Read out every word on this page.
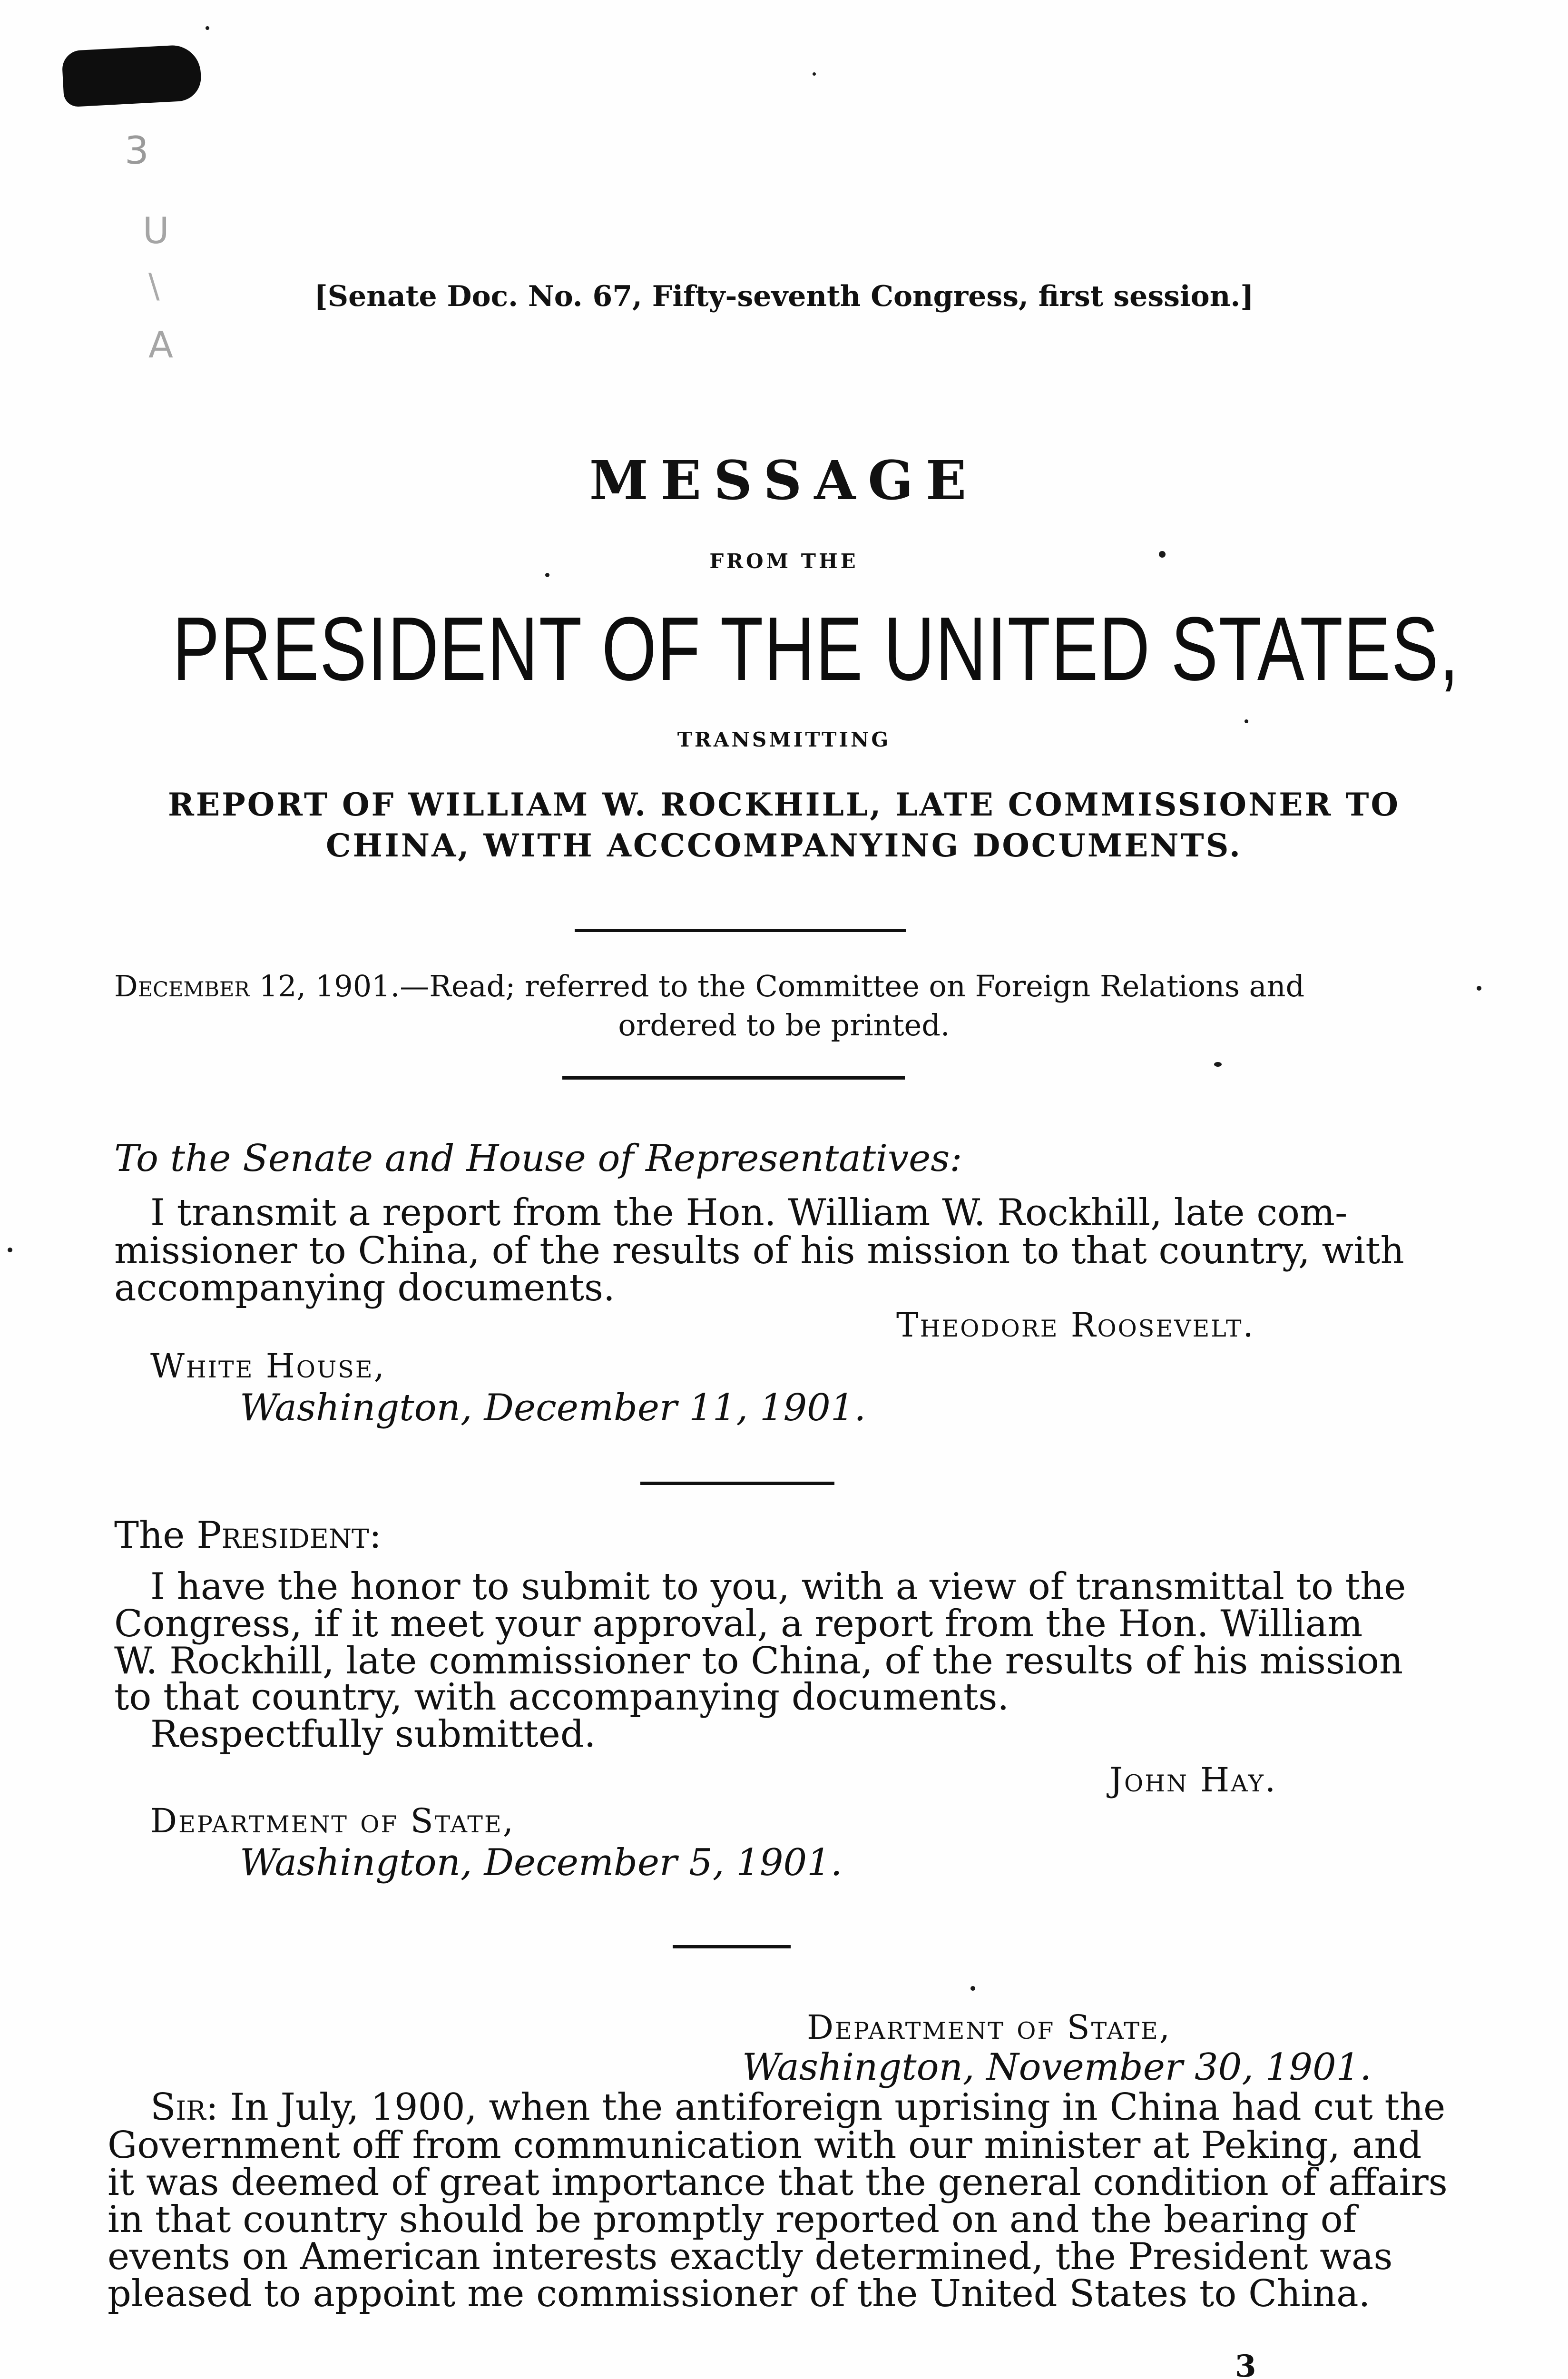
3
U
\
A
[Senate Doc. No. 67, Fifty-seventh Congress, first session.]
MESSAGE
FROM THE
PRESIDENT OF THE UNITED STATES,
TRANSMITTING
REPORT OF WILLIAM W. ROCKHILL, LATE COMMISSIONER TO
CHINA, WITH ACCCOMPANYING DOCUMENTS.
December 12, 1901.—Read; referred to the Committee on Foreign Relations and
ordered to be printed.
To the Senate and House of Representatives:
I transmit a report from the Hon. William W. Rockhill, late com-
missioner to China, of the results of his mission to that country, with
accompanying documents.
Theodore Roosevelt.
White House,
Washington, December 11, 1901.
The President:
I have the honor to submit to you, with a view of transmittal to the
Congress, if it meet your approval, a report from the Hon. William
W. Rockhill, late commissioner to China, of the results of his mission
to that country, with accompanying documents.
Respectfully submitted.
John Hay.
Department of State,
Washington, December 5, 1901.
Department of State,
Washington, November 30, 1901.
Sir: In July, 1900, when the antiforeign uprising in China had cut the
Government off from communication with our minister at Peking, and
it was deemed of great importance that the general condition of affairs
in that country should be promptly reported on and the bearing of
events on American interests exactly determined, the President was
pleased to appoint me commissioner of the United States to China.
3
